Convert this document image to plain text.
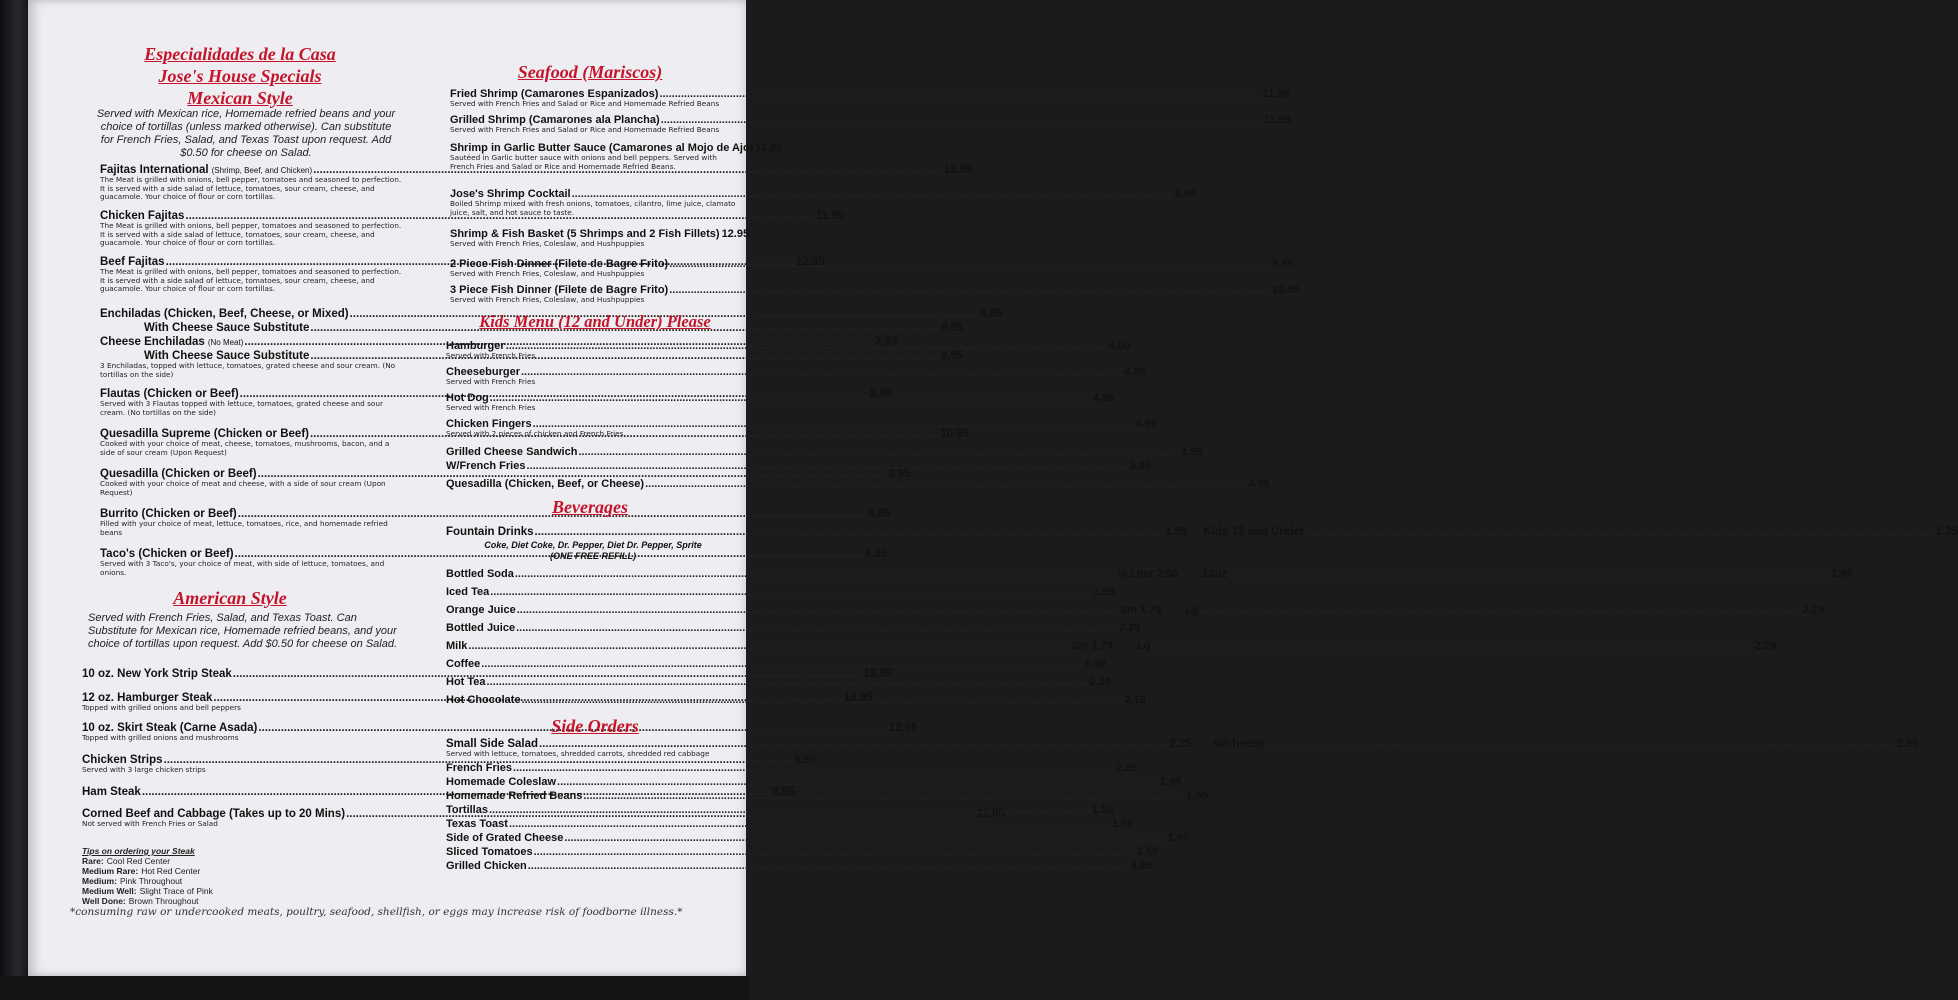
Especialidades de la Casa
Jose's House Specials
Mexican Style
Served with Mexican rice, Homemade refried beans and your choice of tortillas (unless marked otherwise). Can substitute for French Fries, Salad, and Texas Toast upon request. Add $0.50 for cheese on Salad.
Fajitas International (Shrimp, Beef, and Chicken) .....	13.95
The Meat is grilled with onions, bell pepper, tomatoes and seasoned to perfection. It is served with a side salad of lettuce, tomatoes, sour cream, cheese, and guacamole. Your choice of flour or corn tortillas.
Chicken Fajitas .....	11.95
The Meat is grilled with onions, bell pepper, tomatoes and seasoned to perfection. It is served with a side salad of lettuce, tomatoes, sour cream, cheese, and guacamole. Your choice of flour or corn tortillas.
Beef Fajitas .....	12.95
The Meat is grilled with onions, bell pepper, tomatoes and seasoned to perfection. It is served with a side salad of lettuce, tomatoes, sour cream, cheese, and guacamole. Your choice of flour or corn tortillas.
Enchiladas (Chicken, Beef, Cheese, or Mixed) .....	8.95
With Cheese Sauce Substitute .....	9.95
Cheese Enchiladas (No Meat) .....	7.95
With Cheese Sauce Substitute .....	8.95
3 Enchiladas, topped with lettuce, tomatoes, grated cheese and sour cream. (No tortillas on the side)
Flautas (Chicken or Beef) .....	8.95
Served with 3 Flautas topped with lettuce, tomatoes, grated cheese and sour cream. (No tortillas on the side)
Quesadilla Supreme (Chicken or Beef) .....	10.95
Cooked with your choice of meat, cheese, tomatoes, mushrooms, bacon, and a side of sour cream (Upon Request)
Quesadilla (Chicken or Beef) .....	8.95
Cooked with your choice of meat and cheese, with a side of sour cream (Upon Request)
Burrito (Chicken or Beef) .....	8.95
Filled with your choice of meat, lettuce, tomatoes, rice, and homemade refried beans
Taco's (Chicken or Beef) .....	8.95
Served with 3 Taco's, your choice of meat, with side of lettuce, tomatoes, and onions.
American Style
Served with French Fries, Salad, and Texas Toast. Can Substitute for Mexican rice, Homemade refried beans, and your choice of tortillas upon request. Add $0.50 for cheese on Salad.
10 oz. New York Strip Steak .....	13.95
12 oz. Hamburger Steak .....	10.95
Topped with grilled onions and bell peppers
10 oz. Skirt Steak (Carne Asada) .....	12.95
Topped with grilled onions and mushrooms
Chicken Strips .....	9.95
Served with 3 large chicken strips
Ham Steak .....	9.95
Corned Beef and Cabbage (Takes up to 20 Mins) .....	11.95
Not served with French Fries or Salad
Tips on ordering your Steak
Rare: Cool Red Center
Medium Rare: Hot Red Center
Medium: Pink Throughout
Medium Well: Slight Trace of Pink
Well Done: Brown Throughout
Seafood (Mariscos)
Fried Shrimp (Camarones Espanizados) .....	11.95
Served with French Fries and Salad or Rice and Homemade Refried Beans
Grilled Shrimp (Camarones ala Plancha) .....	11.95
Served with French Fries and Salad or Rice and Homemade Refried Beans
Shrimp in Garlic Butter Sauce (Camarones al Mojo de Ajo) 11.95
Sautéed in Garlic butter sauce with onions and bell peppers. Served with French Fries and Salad or Rice and Homemade Refried Beans.
Jose's Shrimp Cocktail .....	9.95
Boiled Shrimp mixed with fresh onions, tomatoes, cilantro, lime juice, clamato juice, salt, and hot sauce to taste.
Shrimp & Fish Basket (5 Shrimps and 2 Fish Fillets) 12.95
Served with French Fries, Coleslaw, and Hushpuppies
2 Piece Fish Dinner (Filete de Bagre Frito) .....	9.95
Served with French Fries, Coleslaw, and Hushpuppies
3 Piece Fish Dinner (Filete de Bagre Frito) .....	10.95
Served with French Fries, Coleslaw, and Hushpuppies
Kids Menu (12 and Under) Please
Hamburger .....	4.50
Served with French Fries
Cheeseburger .....	4.95
Served with French Fries
Hot Dog .....	4.95
Served with French Fries
Chicken Fingers .....	4.95
Served with 2 pieces of chicken and French Fries
Grilled Cheese Sandwich .....	1.99
W/French Fries .....	3.95
Quesadilla (Chicken, Beef, or Cheese) .....	4.95
Beverages
Fountain Drinks .....	1.99 Kids 12 and Under .....	1.25
Coke, Diet Coke, Dr. Pepper, Diet Dr. Pepper, Sprite
(ONE FREE REFILL)
Bottled Soda .....	½ Liter 2.50 12oz .....	1.95
Iced Tea .....	1.99
Orange Juice .....	Sm 1.79 Lg .....	2.29
Bottled Juice .....	2.29
Milk .....	Sm 1.79 Lg .....	2.29
Coffee .....	1.49
Hot Tea .....	2.19
Hot Chocolate .....	2.19
Side Orders
Small Side Salad .....	2.25 w/cheese .....	2.95
Served with lettuce, tomatoes, shredded carrots, shredded red cabbage
French Fries .....	2.25
Homemade Coleslaw .....	1.95
Homemade Refried Beans .....	1.95
Tortillas .....	1.50
Texas Toast .....	1.50
Side of Grated Cheese .....	1.50
Sliced Tomatoes .....	1.50
Grilled Chicken .....	4.95
*consuming raw or undercooked meats, poultry, seafood, shellfish, or eggs may increase risk of foodborne illness.*
